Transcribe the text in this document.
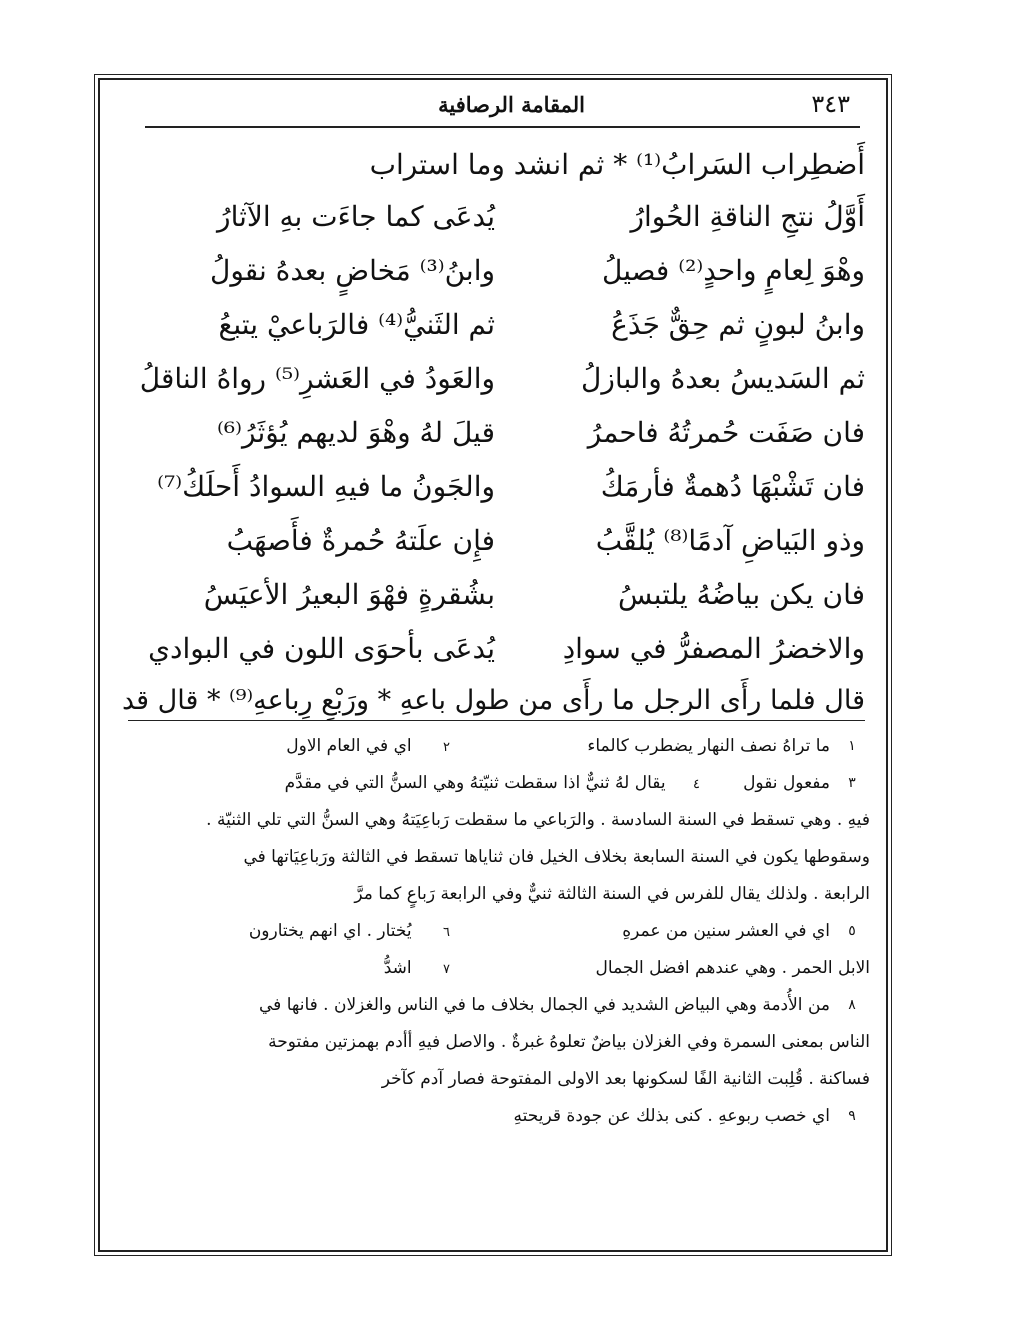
٣٤٣
المقامة الرصافية
أَضطِراب السَرابُ⁽¹⁾ * ثم انشد وما استراب
أَوَّلُ نتجِ الناقةِ الحُوارُ
يُدعَى كما جاءَت بهِ الآثارُ
وهْوَ لِعامٍ واحدٍ⁽²⁾ فصيلُ
وابنُ⁽³⁾ مَخاضٍ بعدهُ نقولُ
وابنُ لبونٍ ثم حِقٌّ جَذَعُ
ثم الثَنيُّ⁽⁴⁾ فالرَباعيْ يتبعُ
ثم السَديسُ بعدهُ والبازلُ
والعَودُ في العَشرِ⁽⁵⁾ رواهُ الناقلُ
فان صَفَت حُمرتُهُ فاحمرُ
قيلَ لهُ وهْوَ لديهم يُؤثَرُ⁽⁶⁾
فان تَشْبْهَا دُهمةٌ فأرمَكُ
والجَونُ ما فيهِ السوادُ أَحلَكُ⁽⁷⁾
وذو البَياضِ آدمًا⁽⁸⁾ يُلقَّبُ
فإِن علَتهُ حُمرةٌ فأَصهَبُ
فان يكن بياضُهُ يلتبسُ
بشُقرةٍ فهْوَ البعيرُ الأعيَسُ
والاخضرُ المصفرُّ في سوادِ
يُدعَى بأحوَى اللون في البوادي
قال فلما رأَى الرجل ما رأَى من طول باعهِ * ورَبْعِ رِباعهِ⁽⁹⁾ * قال قد
١
ما تراهُ نصف النهار يضطرب كالماء
٢ اي في العام الاول
٣
مفعول نقول
٤ يقال لهُ ثنيٌّ اذا سقطت ثنيّتهُ وهي السنُّ التي في مقدَّم
فيهِ . وهي تسقط في السنة السادسة . والرَباعي ما سقطت رَباعِيَتهُ وهي السنُّ التي تلي الثنيّة .
وسقوطها يكون في السنة السابعة بخلاف الخيل فان ثناياها تسقط في الثالثة ورَباعِيَاتها في
الرابعة . ولذلك يقال للفرس في السنة الثالثة ثنيٌّ وفي الرابعة رَباعٍ كما مرَّ
٥
اي في العشر سنين من عمرهِ
٦ يُختار . اي انهم يختارون
الابل الحمر . وهي عندهم افضل الجمال
٧ اشدُّ
٨
من الأُدمة وهي البياض الشديد في الجمال بخلاف ما في الناس والغزلان . فانها في
الناس بمعنى السمرة وفي الغزلان بياضٌ تعلوهُ غبرةٌ . والاصل فيهِ أأدم بهمزتين مفتوحة
فساكنة . قُلِبت الثانية الفًا لسكونها بعد الاولى المفتوحة فصار آدم كآخر
٩
اي خصب ربوعهِ . كنى بذلك عن جودة قريحتهِ
